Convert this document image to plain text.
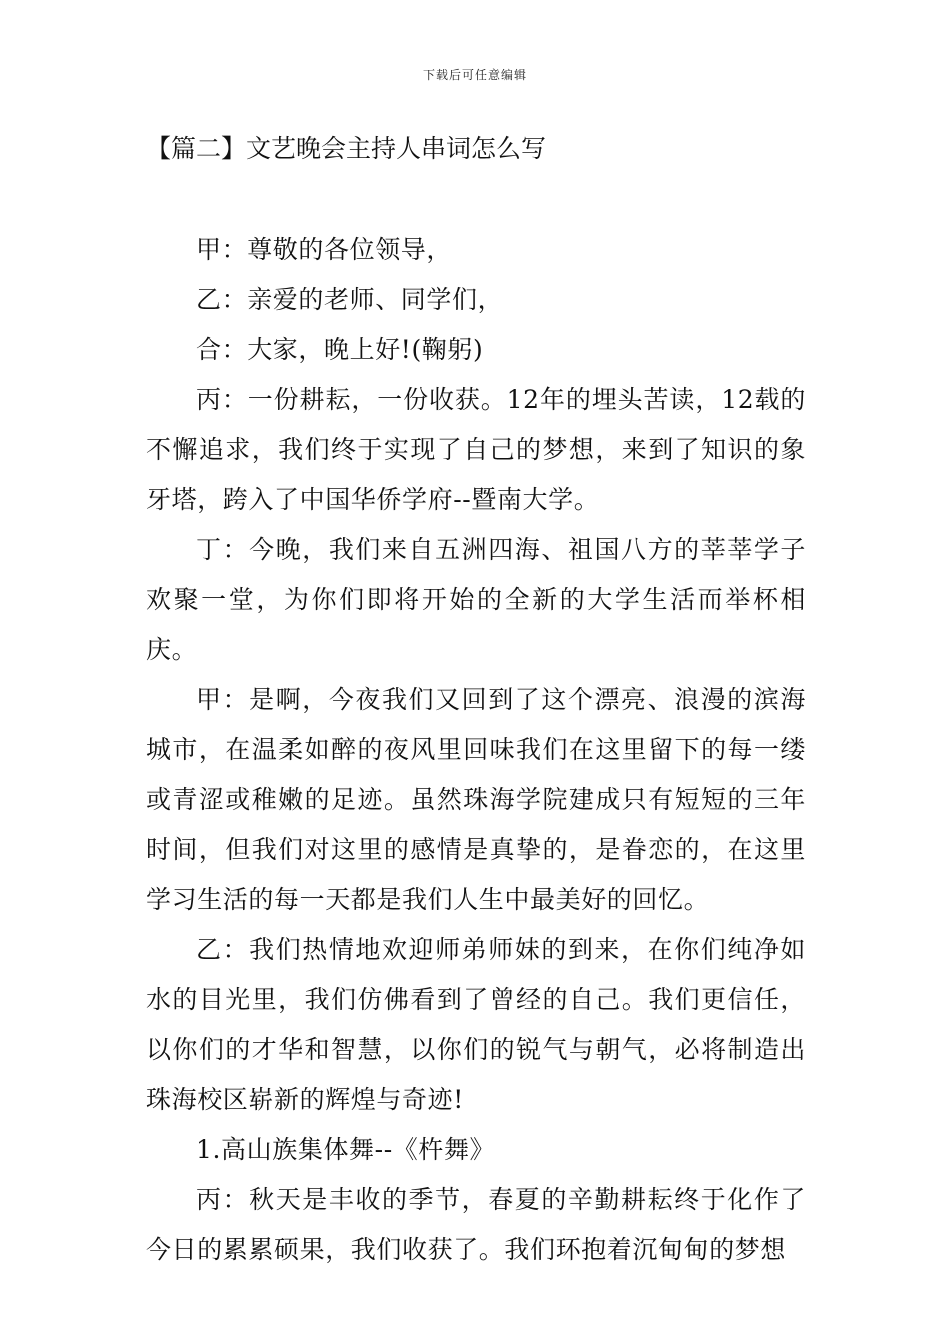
下载后可任意编辑
【篇二】文艺晚会主持人串词怎么写

甲：尊敬的各位领导，

乙：亲爱的老师、同学们，

合：大家，晚上好!(鞠躬)

丙：一份耕耘，一份收获。12年的埋头苦读，12载的不懈追求，我们终于实现了自己的梦想，来到了知识的象牙塔，跨入了中国华侨学府--暨南大学。

丁：今晚，我们来自五洲四海、祖国八方的莘莘学子欢聚一堂，为你们即将开始的全新的大学生活而举杯相庆。

甲：是啊，今夜我们又回到了这个漂亮、浪漫的滨海城市，在温柔如醉的夜风里回味我们在这里留下的每一缕或青涩或稚嫩的足迹。虽然珠海学院建成只有短短的三年时间，但我们对这里的感情是真挚的，是眷恋的，在这里学习生活的每一天都是我们人生中最美好的回忆。

乙：我们热情地欢迎师弟师妹的到来，在你们纯净如水的目光里，我们仿佛看到了曾经的自己。我们更信任，以你们的才华和智慧，以你们的锐气与朝气，必将制造出珠海校区崭新的辉煌与奇迹!

1.高山族集体舞--《杵舞》

丙：秋天是丰收的季节，春夏的辛勤耕耘终于化作了今日的累累硕果，我们收获了。我们环抱着沉甸甸的梦想
